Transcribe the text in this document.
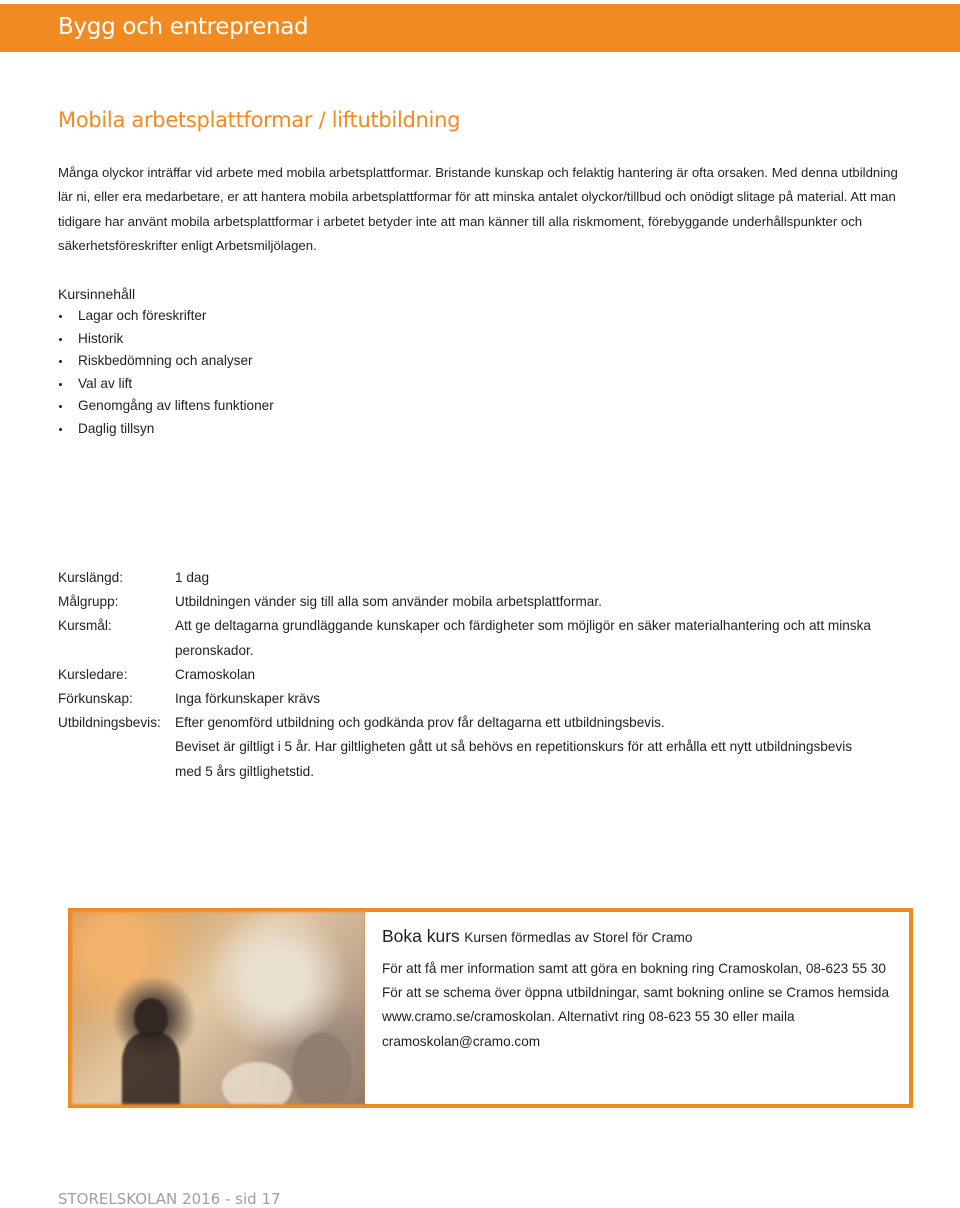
Bygg och entreprenad
Mobila arbetsplattformar / liftutbildning

Många olyckor inträffar vid arbete med mobila arbetsplattformar. Bristande kunskap och felaktig hantering är ofta orsaken. Med denna utbildning lär ni, eller era medarbetare, er att hantera mobila arbetsplattformar för att minska antalet olyckor/tillbud och onödigt slitage på material. Att man tidigare har använt mobila arbetsplattformar i arbetet betyder inte att man känner till alla riskmoment, förebyggande underhållspunkter och säkerhetsföreskrifter enligt Arbetsmiljölagen.

Kursinnehåll
Lagar och föreskrifter
Historik
Riskbedömning och analyser
Val av lift
Genomgång av liftens funktioner
Daglig tillsyn
Kurslängd:	1 dag
Målgrupp:	Utbildningen vänder sig till alla som använder mobila arbetsplattformar.
Kursmål:	Att ge deltagarna grundläggande kunskaper och färdigheter som möjligör en säker materialhantering och att minska peronskador.
Kursledare:	Cramoskolan
Förkunskap:	Inga förkunskaper krävs
Utbildningsbevis:	Efter genomförd utbildning och godkända prov får deltagarna ett utbildningsbevis.
Beviset är giltligt i 5 år. Har giltligheten gått ut så behövs en repetitionskurs för att erhålla ett nytt utbildningsbevis med 5 års giltlighetstid.
Boka kurs Kursen förmedlas av Storel för Cramo

För att få mer information samt att göra en bokning ring Cramoskolan, 08-623 55 30 För att se schema över öppna utbildningar, samt bokning online se Cramos hemsida www.cramo.se/cramoskolan. Alternativt ring 08-623 55 30 eller maila cramoskolan@cramo.com

STORELSKOLAN 2016 - sid 17
